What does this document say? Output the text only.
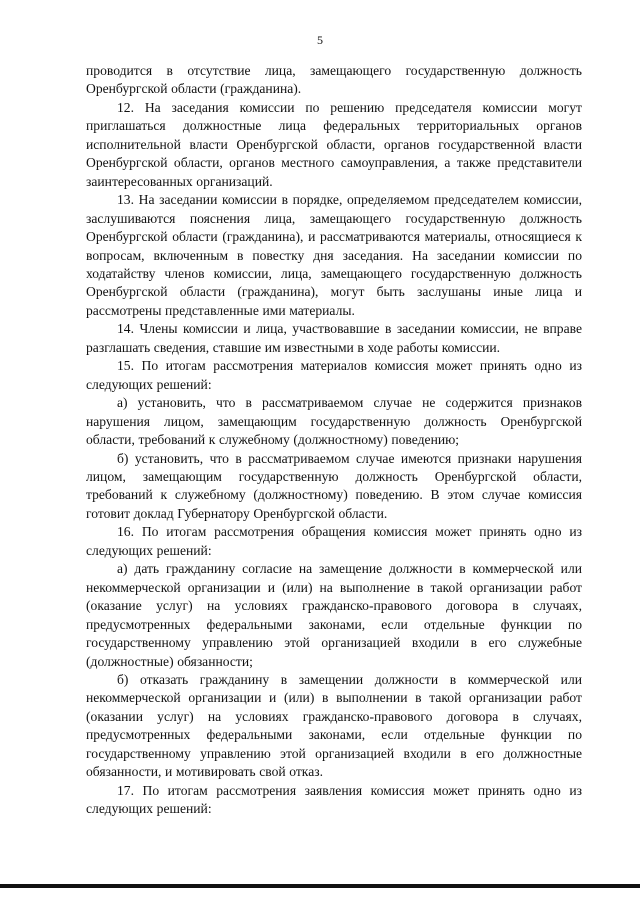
5

проводится в отсутствие лица, замещающего государственную должность Оренбургской области (гражданина).

12. На заседания комиссии по решению председателя комиссии могут приглашаться должностные лица федеральных территориальных органов исполнительной власти Оренбургской области, органов государственной власти Оренбургской области, органов местного самоуправления, а также представители заинтересованных организаций.

13. На заседании комиссии в порядке, определяемом председателем комиссии, заслушиваются пояснения лица, замещающего государственную должность Оренбургской области (гражданина), и рассматриваются материалы, относящиеся к вопросам, включенным в повестку дня заседания. На заседании комиссии по ходатайству членов комиссии, лица, замещающего государственную должность Оренбургской области (гражданина), могут быть заслушаны иные лица и рассмотрены представленные ими материалы.

14. Члены комиссии и лица, участвовавшие в заседании комиссии, не вправе разглашать сведения, ставшие им известными в ходе работы комиссии.

15. По итогам рассмотрения материалов комиссия может принять одно из следующих решений:

а) установить, что в рассматриваемом случае не содержится признаков нарушения лицом, замещающим государственную должность Оренбургской области, требований к служебному (должностному) поведению;

б) установить, что в рассматриваемом случае имеются признаки нарушения лицом, замещающим государственную должность Оренбургской области, требований к служебному (должностному) поведению. В этом случае комиссия готовит доклад Губернатору Оренбургской области.

16. По итогам рассмотрения обращения комиссия может принять одно из следующих решений:

а) дать гражданину согласие на замещение должности в коммерческой или некоммерческой организации и (или) на выполнение в такой организации работ (оказание услуг) на условиях гражданско-правового договора в случаях, предусмотренных федеральными законами, если отдельные функции по государственному управлению этой организацией входили в его служебные (должностные) обязанности;

б) отказать гражданину в замещении должности в коммерческой или некоммерческой организации и (или) в выполнении в такой организации работ (оказании услуг) на условиях гражданско-правового договора в случаях, предусмотренных федеральными законами, если отдельные функции по государственному управлению этой организацией входили в его должностные обязанности, и мотивировать свой отказ.

17. По итогам рассмотрения заявления комиссия может принять одно из следующих решений:
